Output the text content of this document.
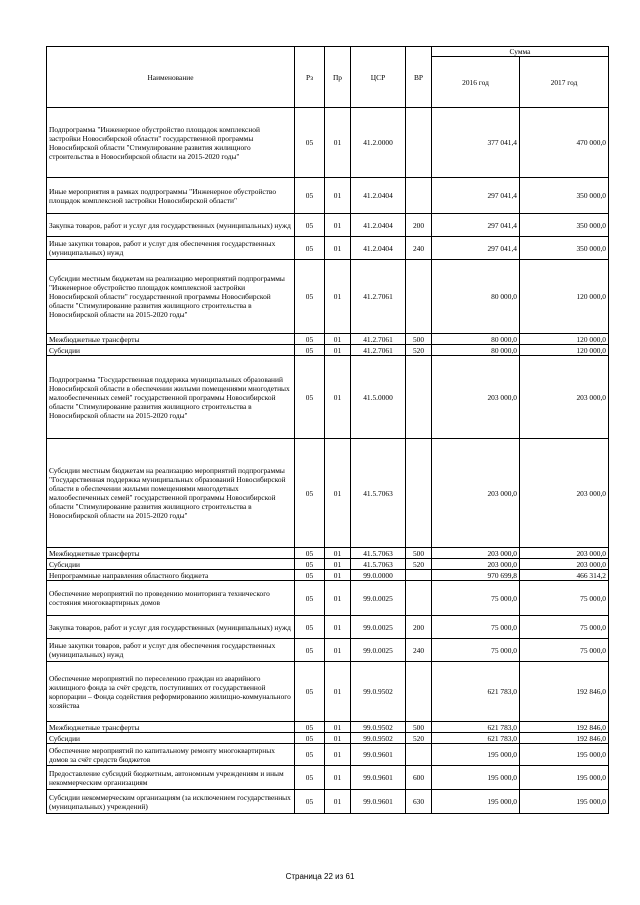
Наименование	Рз	Пр	ЦСР	ВР	Сумма	
					2016 год	2017 год
Подпрограмма "Инженерное обустройство площадок комплексной застройки Новосибирской области" государственной программы Новосибирской области "Стимулирование развития жилищного строительства в Новосибирской области на 2015-2020 годы"	05	01	41.2.0000		377 041,4	470 000,0
Иные мероприятия в рамках подпрограммы "Инженерное обустройство площадок комплексной застройки Новосибирской области"	05	01	41.2.0404		297 041,4	350 000,0
Закупка товаров, работ и услуг для государственных (муниципальных) нужд	05	01	41.2.0404	200	297 041,4	350 000,0
Иные закупки товаров, работ и услуг для обеспечения государственных (муниципальных) нужд	05	01	41.2.0404	240	297 041,4	350 000,0
Субсидии местным бюджетам на реализацию мероприятий подпрограммы "Инженерное обустройство площадок комплексной застройки Новосибирской области" государственной программы Новосибирской области "Стимулирование развития жилищного строительства в Новосибирской области на 2015-2020 годы"	05	01	41.2.7061		80 000,0	120 000,0
Межбюджетные трансферты	05	01	41.2.7061	500	80 000,0	120 000,0
Субсидии	05	01	41.2.7061	520	80 000,0	120 000,0
Подпрограмма "Государственная поддержка муниципальных образований Новосибирской области в обеспечении жилыми помещениями многодетных малообеспеченных семей" государственной программы Новосибирской области "Стимулирование развития жилищного строительства в Новосибирской области на 2015-2020 годы"	05	01	41.5.0000		203 000,0	203 000,0
Субсидии местным бюджетам на реализацию мероприятий подпрограммы "Государственная поддержка муниципальных образований Новосибирской области в обеспечении жилыми помещениями многодетных малообеспеченных семей" государственной программы Новосибирской области "Стимулирование развития жилищного строительства в Новосибирской области на 2015-2020 годы"	05	01	41.5.7063		203 000,0	203 000,0
Межбюджетные трансферты	05	01	41.5.7063	500	203 000,0	203 000,0
Субсидии	05	01	41.5.7063	520	203 000,0	203 000,0
Непрограммные направления областного бюджета	05	01	99.0.0000		970 699,8	466 314,2
Обеспечение мероприятий по проведению мониторинга технического состояния многоквартирных домов	05	01	99.0.0025		75 000,0	75 000,0
Закупка товаров, работ и услуг для государственных (муниципальных) нужд	05	01	99.0.0025	200	75 000,0	75 000,0
Иные закупки товаров, работ и услуг для обеспечения государственных (муниципальных) нужд	05	01	99.0.0025	240	75 000,0	75 000,0
Обеспечение мероприятий по переселению граждан из аварийного жилищного фонда за счёт средств, поступивших от государственной корпорации – Фонда содействия реформированию жилищно-коммунального хозяйства	05	01	99.0.9502		621 783,0	192 846,0
Межбюджетные трансферты	05	01	99.0.9502	500	621 783,0	192 846,0
Субсидии	05	01	99.0.9502	520	621 783,0	192 846,0
Обеспечение мероприятий по капитальному ремонту многоквартирных домов за счёт средств бюджетов	05	01	99.0.9601		195 000,0	195 000,0
Предоставление субсидий бюджетным, автономным учреждениям и иным некоммерческим организациям	05	01	99.0.9601	600	195 000,0	195 000,0
Субсидии некоммерческим организациям (за исключением государственных (муниципальных) учреждений)	05	01	99.0.9601	630	195 000,0	195 000,0
Страница 22 из 61
